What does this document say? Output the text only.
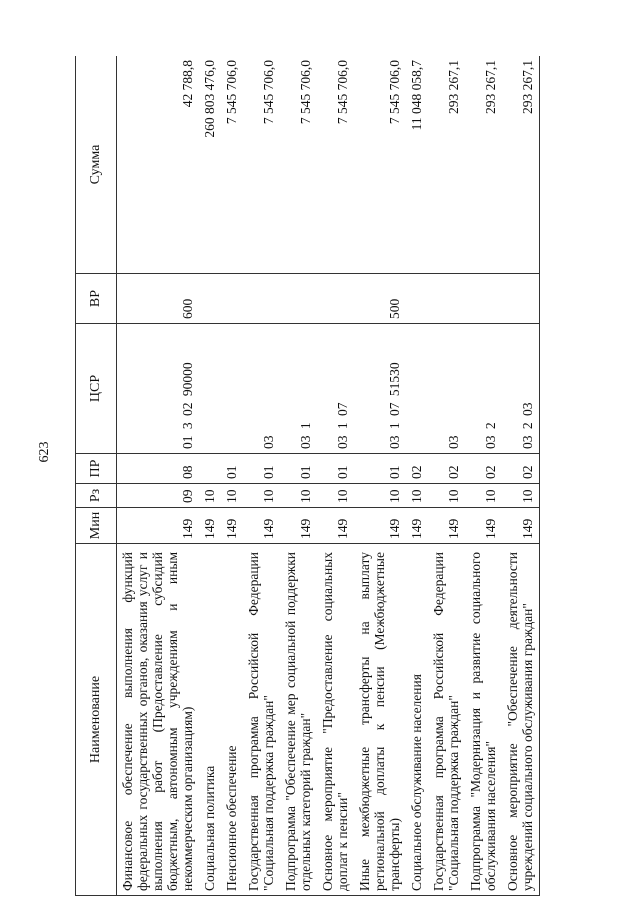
623
Наименование	Мин	Рз	ПР	ЦСР	ВР	Сумма
Финансовое обеспечение выполнения функций федеральных государственных органов, оказания услуг и выполнения работ (Предоставление субсидий бюджетным, автономным учреждениям и иным некоммерческим организациям)	149	09	08	01 3 02 90000	600	42 788,8
Социальная политика	149	10				260 803 476,0
Пенсионное обеспечение	149	10	01			7 545 706,0
Государственная программа Российской Федерации "Социальная поддержка граждан"	149	10	01	03		7 545 706,0
Подпрограмма "Обеспечение мер социальной поддержки отдельных категорий граждан"	149	10	01	03 1		7 545 706,0
Основное мероприятие "Предоставление социальных доплат к пенсии"	149	10	01	03 1 07		7 545 706,0
Иные межбюджетные трансферты на выплату региональной доплаты к пенсии (Межбюджетные трансферты)	149	10	01	03 1 07 51530	500	7 545 706,0
Социальное обслуживание населения	149	10	02			11 048 058,7
Государственная программа Российской Федерации "Социальная поддержка граждан"	149	10	02	03		293 267,1
Подпрограмма "Модернизация и развитие социального обслуживания населения"	149	10	02	03 2		293 267,1
Основное мероприятие "Обеспечение деятельности учреждений социального обслуживания граждан"	149	10	02	03 2 03		293 267,1
